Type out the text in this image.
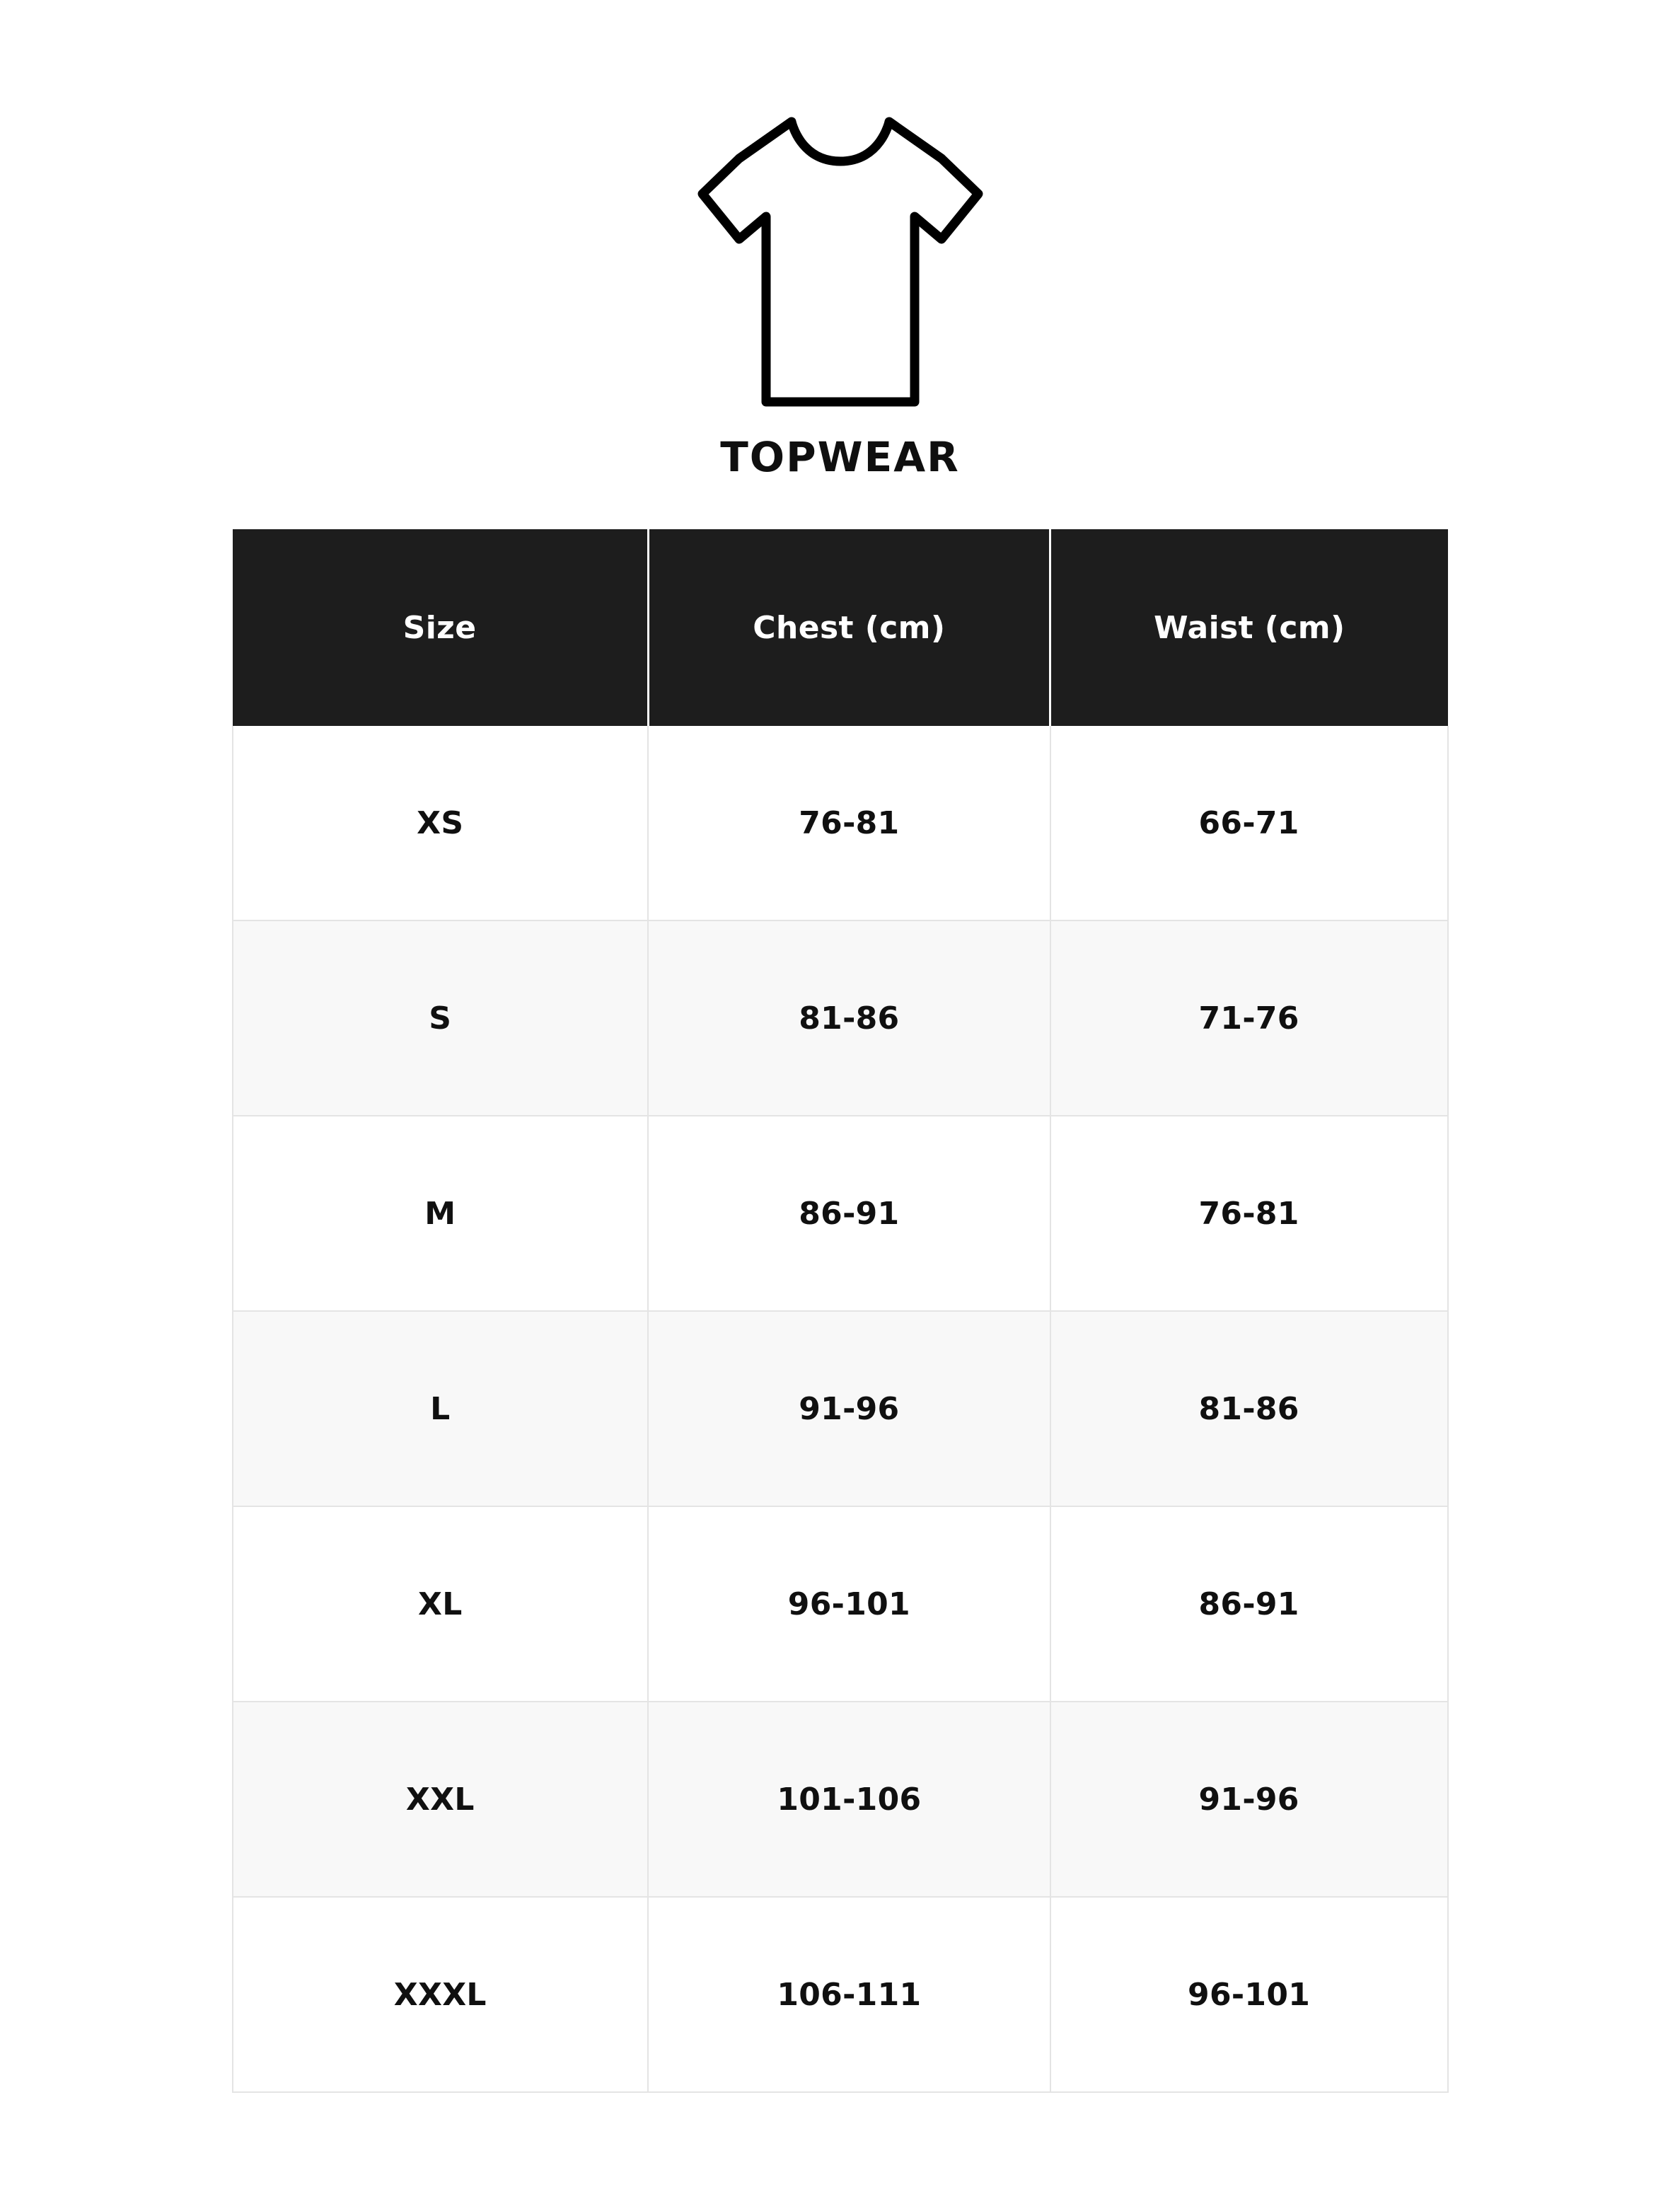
TOPWEAR
Size	Chest (cm)	Waist (cm)
XS	76-81	66-71
S	81-86	71-76
M	86-91	76-81
L	91-96	81-86
XL	96-101	86-91
XXL	101-106	91-96
XXXL	106-111	96-101
